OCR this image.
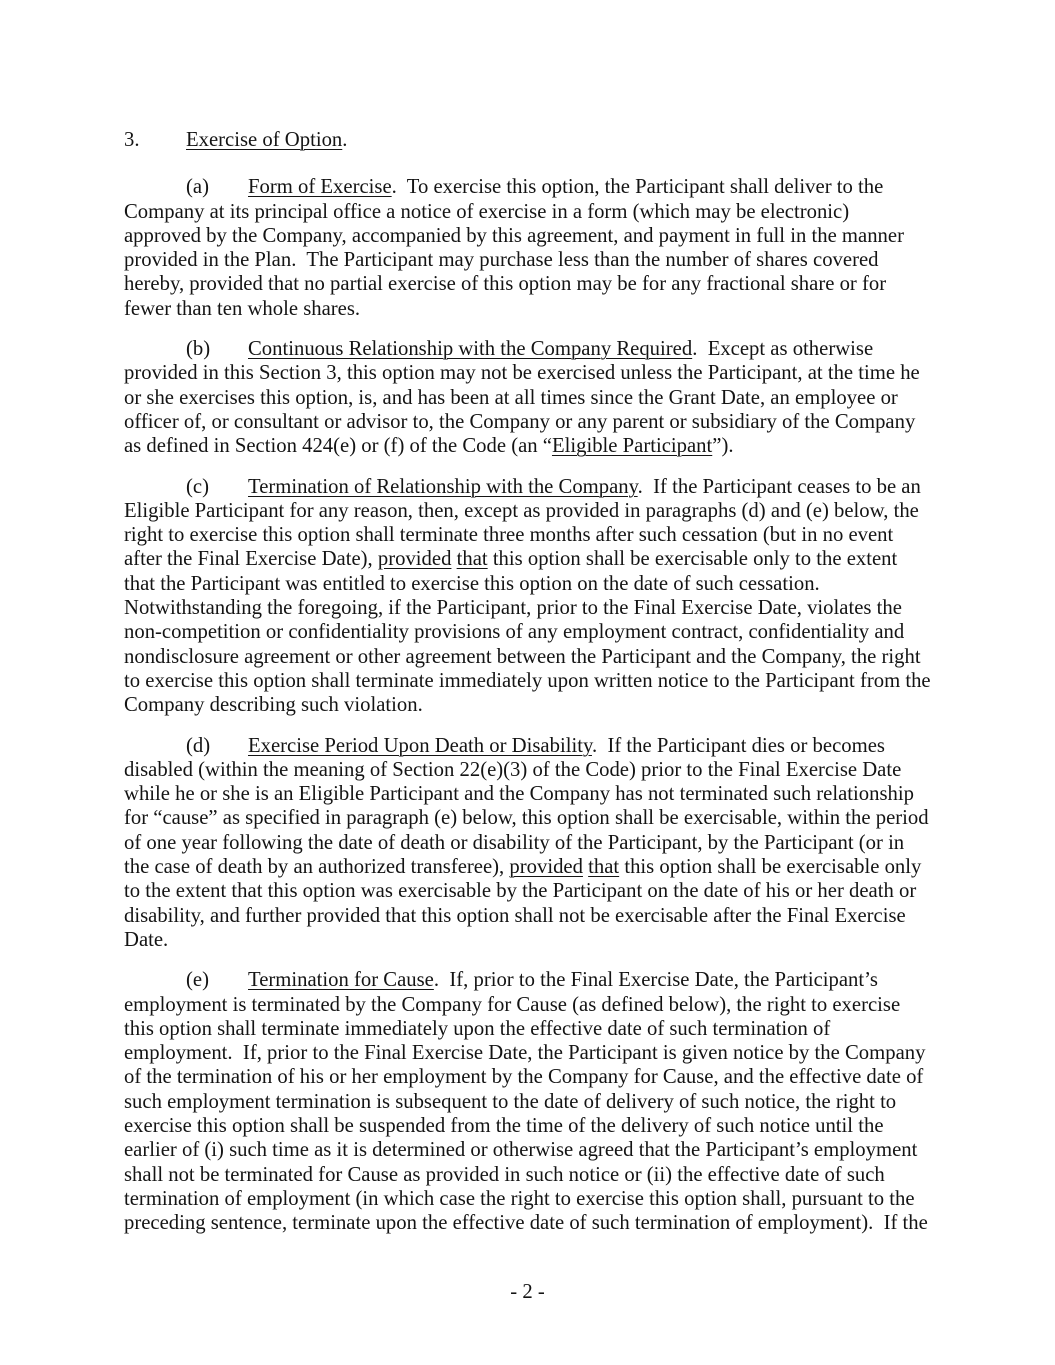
3. Exercise of Option.

(a) Form of Exercise.  To exercise this option, the Participant shall deliver to the Company at its principal office a notice of exercise in a form (which may be electronic) approved by the Company, accompanied by this agreement, and payment in full in the manner provided in the Plan.  The Participant may purchase less than the number of shares covered hereby, provided that no partial exercise of this option may be for any fractional share or for fewer than ten whole shares.

(b) Continuous Relationship with the Company Required.  Except as otherwise provided in this Section 3, this option may not be exercised unless the Participant, at the time he or she exercises this option, is, and has been at all times since the Grant Date, an employee or officer of, or consultant or advisor to, the Company or any parent or subsidiary of the Company as defined in Section 424(e) or (f) of the Code (an “Eligible Participant”).

(c) Termination of Relationship with the Company.  If the Participant ceases to be an Eligible Participant for any reason, then, except as provided in paragraphs (d) and (e) below, the right to exercise this option shall terminate three months after such cessation (but in no event after the Final Exercise Date), provided that this option shall be exercisable only to the extent that the Participant was entitled to exercise this option on the date of such cessation.  Notwithstanding the foregoing, if the Participant, prior to the Final Exercise Date, violates the non-competition or confidentiality provisions of any employment contract, confidentiality and nondisclosure agreement or other agreement between the Participant and the Company, the right to exercise this option shall terminate immediately upon written notice to the Participant from the Company describing such violation.

(d) Exercise Period Upon Death or Disability.  If the Participant dies or becomes disabled (within the meaning of Section 22(e)(3) of the Code) prior to the Final Exercise Date while he or she is an Eligible Participant and the Company has not terminated such relationship for “cause” as specified in paragraph (e) below, this option shall be exercisable, within the period of one year following the date of death or disability of the Participant, by the Participant (or in the case of death by an authorized transferee), provided that this option shall be exercisable only to the extent that this option was exercisable by the Participant on the date of his or her death or disability, and further provided that this option shall not be exercisable after the Final Exercise Date.

(e) Termination for Cause.  If, prior to the Final Exercise Date, the Participant’s employment is terminated by the Company for Cause (as defined below), the right to exercise this option shall terminate immediately upon the effective date of such termination of employment.  If, prior to the Final Exercise Date, the Participant is given notice by the Company of the termination of his or her employment by the Company for Cause, and the effective date of such employment termination is subsequent to the date of delivery of such notice, the right to exercise this option shall be suspended from the time of the delivery of such notice until the earlier of (i) such time as it is determined or otherwise agreed that the Participant’s employment shall not be terminated for Cause as provided in such notice or (ii) the effective date of such termination of employment (in which case the right to exercise this option shall, pursuant to the preceding sentence, terminate upon the effective date of such termination of employment).  If the

- 2 -
